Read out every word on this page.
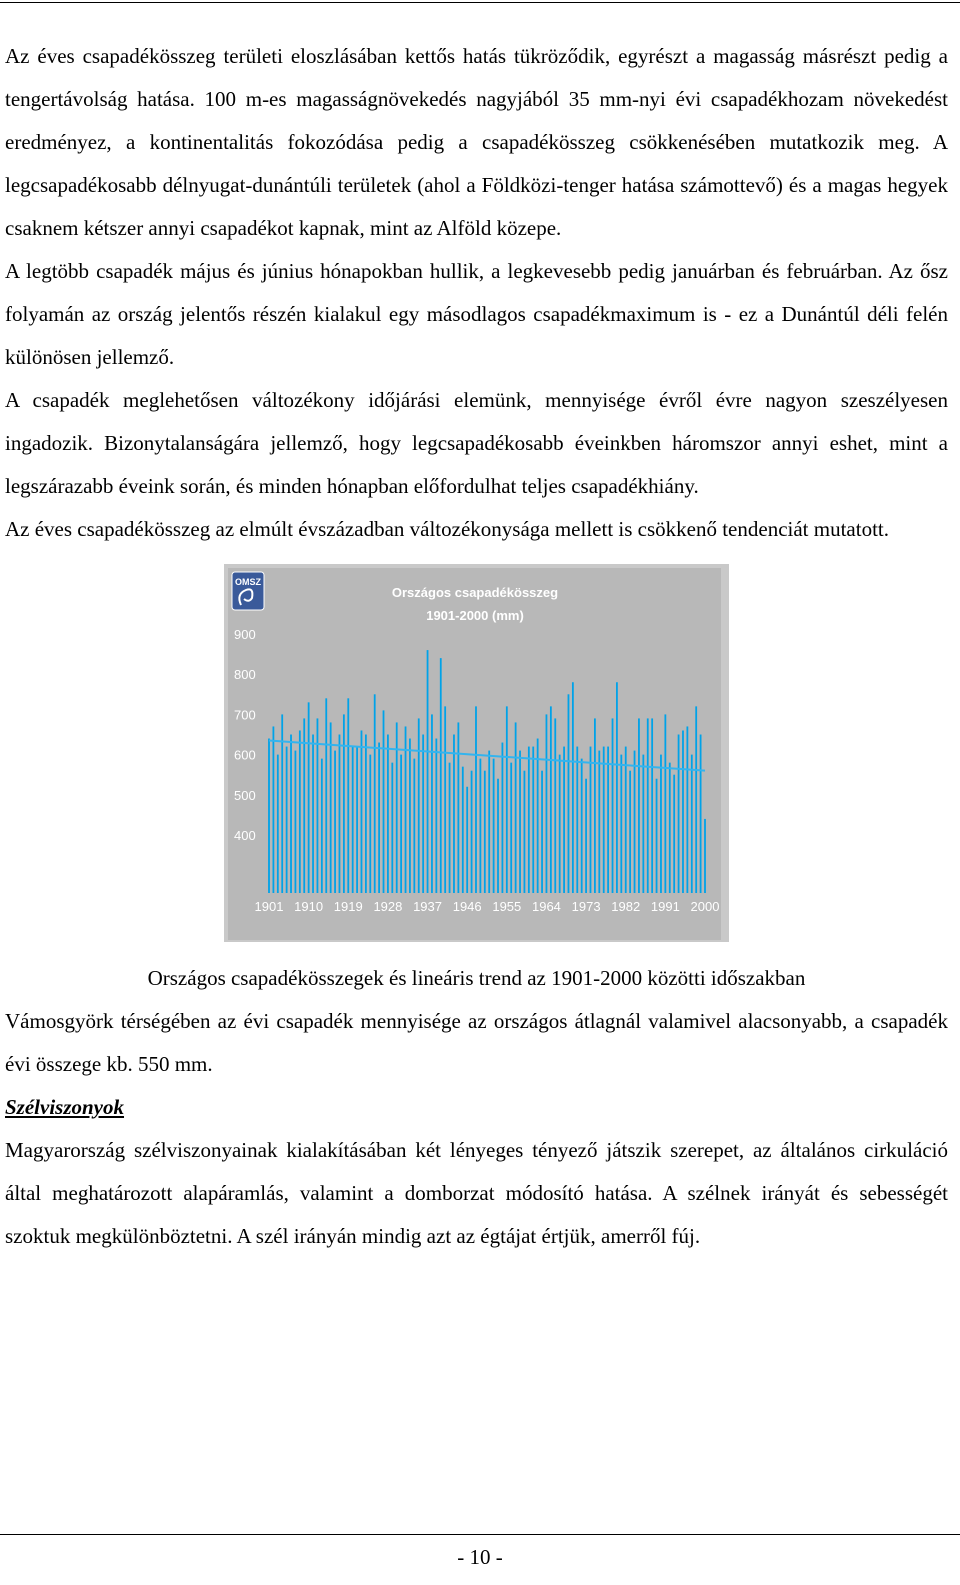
Az éves csapadékösszeg területi eloszlásában kettős hatás tükröződik, egyrészt a magasság másrészt pedig a tengertávolság hatása. 100 m-es magasságnövekedés nagyjából 35 mm-nyi évi csapadékhozam növekedést eredményez, a kontinentalitás fokozódása pedig a csapadékösszeg csökkenésében mutatkozik meg. A legcsapadékosabb délnyugat-dunántúli területek (ahol a Földközi-tenger hatása számottevő) és a magas hegyek csaknem kétszer annyi csapadékot kapnak, mint az Alföld közepe.

A legtöbb csapadék május és június hónapokban hullik, a legkevesebb pedig januárban és februárban. Az ősz folyamán az ország jelentős részén kialakul egy másodlagos csapadékmaximum is - ez a Dunántúl déli felén különösen jellemző.

A csapadék meglehetősen változékony időjárási elemünk, mennyisége évről évre nagyon szeszélyesen ingadozik. Bizonytalanságára jellemző, hogy legcsapadékosabb éveinkben háromszor annyi eshet, mint a legszárazabb éveink során, és minden hónapban előfordulhat teljes csapadékhiány.

Az éves csapadékösszeg az elmúlt évszázadban változékonysága mellett is csökkenő tendenciát mutatott.

OMSZ
Országos csapadékösszeg
1901-2000 (mm)
900
800
700
600
500
400
1901 1910 1919 1928 1937 1946 1955 1964 1973 1982 1991 2000
Országos csapadékösszegek és lineáris trend az 1901-2000 közötti időszakban

Vámosgyörk térségében az évi csapadék mennyisége az országos átlagnál valamivel alacsonyabb, a csapadék évi összege kb. 550 mm.

Szélviszonyok

Magyarország szélviszonyainak kialakításában két lényeges tényező játszik szerepet, az általános cirkuláció által meghatározott alapáramlás, valamint a domborzat módosító hatása. A szélnek irányát és sebességét szoktuk megkülönböztetni. A szél irányán mindig azt az égtájat értjük, amerről fúj.

- 10 -
